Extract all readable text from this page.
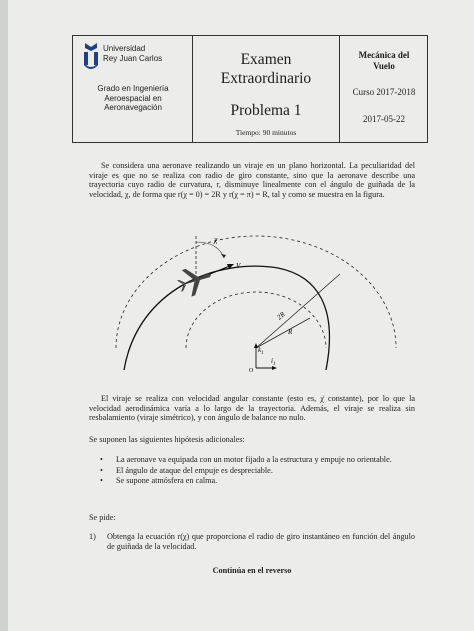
Universidad
Rey Juan Carlos
Grado en Ingeniería
Aeroespacial en
Aeronavegación
Examen
Extraordinario
Problema 1
Tiempo: 90 minutos
Mecánica del
Vuelo
Curso 2017-2018
2017-05-22
Se considera una aeronave realizando un viraje en un plano horizontal. La peculiaridad del viraje es que no se realiza con radio de giro constante, sino que la aeronave describe una trayectoria cuyo radio de curvatura, r, disminuye linealmente con el ángulo de guiñada de la velocidad, χ, de forma que r(χ = 0) = 2R y r(χ = π) = R, tal y como se muestra en la figura.
χ
V
2R
R
$k_1$
$i_1$
O
El viraje se realiza con velocidad angular constante (esto es, χ̇ constante), por lo que la velocidad aerodinámica varía a lo largo de la trayectoria. Además, el viraje se realiza sin resbalamiento (viraje simétrico), y con ángulo de balance no nulo.
Se suponen las siguientes hipótesis adicionales:
• La aeronave va equipada con un motor fijado a la estructura y empuje no orientable.
• El ángulo de ataque del empuje es despreciable.
• Se supone atmósfera en calma.
Se pide:
1) Obtenga la ecuación r(χ) que proporciona el radio de giro instantáneo en función del ángulo de guiñada de la velocidad.
Continúa en el reverso
